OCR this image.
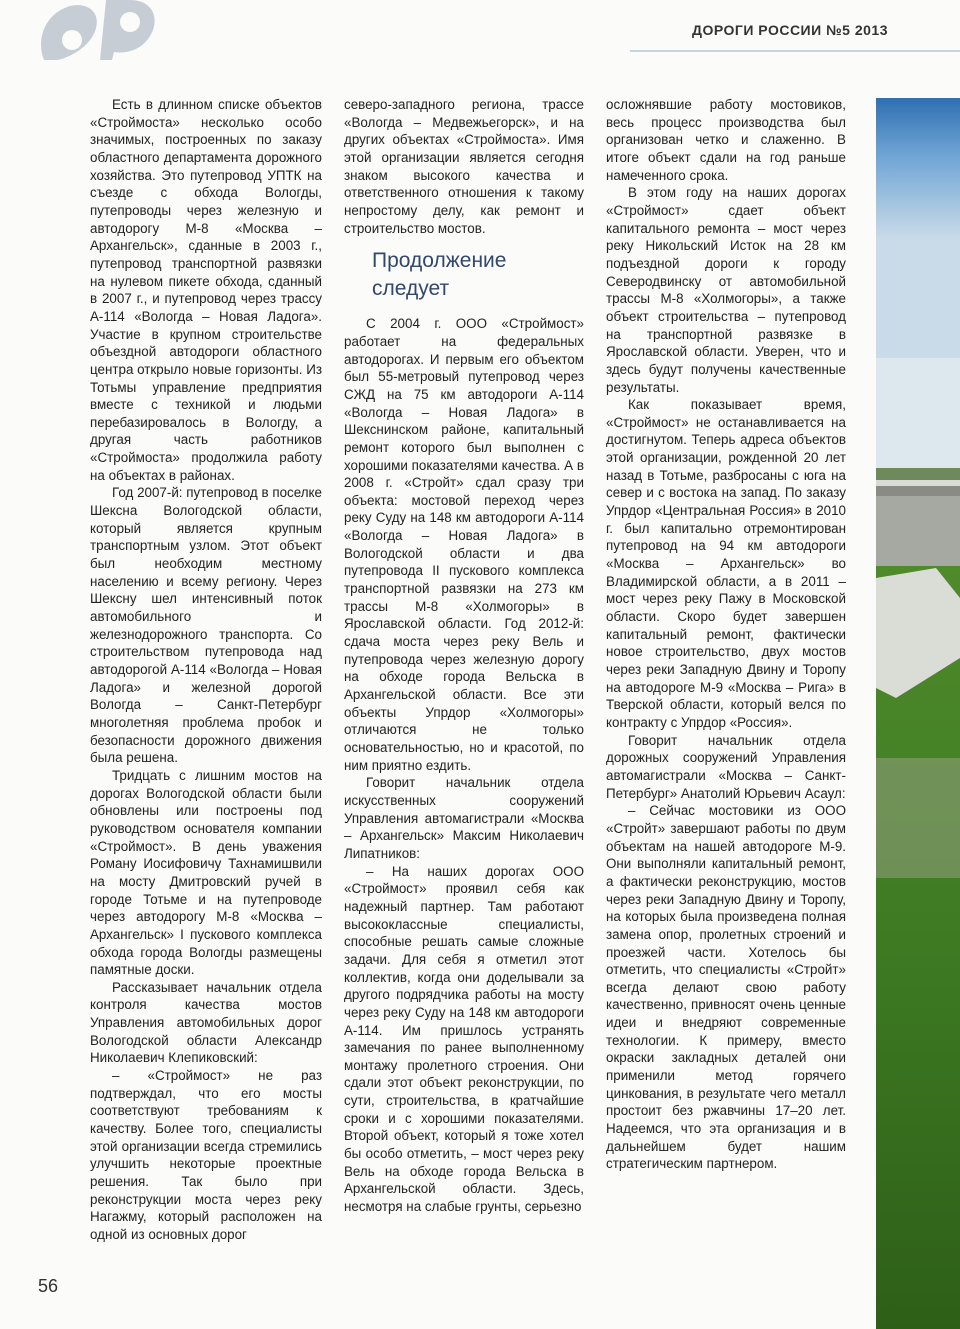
ДОРОГИ РОССИИ №5 2013

Есть в длинном списке объектов «Строймоста» несколько особо значимых, построенных по заказу областного департамента дорожного хозяйства. Это путепровод УПТК на съезде с обхода Вологды, путепроводы через железную и автодорогу М-8 «Москва – Архангельск», сданные в 2003 г., путепровод транспортной развязки на нулевом пикете обхода, сданный в 2007 г., и путепровод через трассу А-114 «Вологда – Новая Ладога». Участие в крупном строительстве объездной автодороги областного центра открыло новые горизонты. Из Тотьмы управление предприятия вместе с техникой и людьми перебазировалось в Вологду, а другая часть работников «Строймоста» продолжила работу на объектах в районах.

Год 2007-й: путепровод в поселке Шексна Вологодской области, который является крупным транспортным узлом. Этот объект был необходим местному населению и всему региону. Через Шексну шел интенсивный поток автомобильного и железнодорожного транспорта. Со строительством путепровода над автодорогой А-114 «Вологда – Новая Ладога» и железной дорогой Вологда – Санкт-Петербург многолетняя проблема пробок и безопасности дорожного движения была решена.

Тридцать с лишним мостов на дорогах Вологодской области были обновлены или построены под руководством основателя компании «Строймост». В день уважения Роману Иосифовичу Тахнамишвили на мосту Дмитровский ручей в городе Тотьме и на путепроводе через автодорогу М-8 «Москва – Архангельск» I пускового комплекса обхода города Вологды размещены памятные доски.

Рассказывает начальник отдела контроля качества мостов Управления автомобильных дорог Вологодской области Александр Николаевич Клепиковский:

– «Строймост» не раз подтверждал, что его мосты соответствуют требованиям к качеству. Более того, специалисты этой организации всегда стремились улучшить некоторые проектные решения. Так было при реконструкции моста через реку Нагажму, который расположен на одной из основных дорог

северо-западного региона, трассе «Вологда – Медвежьегорск», и на других объектах «Строймоста». Имя этой организации является сегодня знаком высокого качества и ответственного отношения к такому непростому делу, как ремонт и строительство мостов.

Продолжение следует

С 2004 г. ООО «Строймост» работает на федеральных автодорогах. И первым его объектом был 55-метровый путепровод через СЖД на 75 км автодороги А-114 «Вологда – Новая Ладога» в Шекснинском районе, капитальный ремонт которого был выполнен с хорошими показателями качества. А в 2008 г. «Стройт» сдал сразу три объекта: мостовой переход через реку Суду на 148 км автодороги А-114 «Вологда – Новая Ладога» в Вологодской области и два путепровода II пускового комплекса транспортной развязки на 273 км трассы М-8 «Холмогоры» в Ярославской области. Год 2012-й: сдача моста через реку Вель и путепровода через железную дорогу на обходе города Вельска в Архангельской области. Все эти объекты Упрдор «Холмогоры» отличаются не только основательностью, но и красотой, по ним приятно ездить.

Говорит начальник отдела искусственных сооружений Управления автомагистрали «Москва – Архангельск» Максим Николаевич Липатников:

– На наших дорогах ООО «Строймост» проявил себя как надежный партнер. Там работают высококлассные специалисты, способные решать самые сложные задачи. Для себя я отметил этот коллектив, когда они доделывали за другого подрядчика работы на мосту через реку Суду на 148 км автодороги А-114. Им пришлось устранять замечания по ранее выполненному монтажу пролетного строения. Они сдали этот объект реконструкции, по сути, строительства, в кратчайшие сроки и с хорошими показателями. Второй объект, который я тоже хотел бы особо отметить, – мост через реку Вель на обходе города Вельска в Архангельской области. Здесь, несмотря на слабые грунты, серьезно

осложнявшие работу мостовиков, весь процесс производства был организован четко и слаженно. В итоге объект сдали на год раньше намеченного срока.

В этом году на наших дорогах «Строймост» сдает объект капитального ремонта – мост через реку Никольский Исток на 28 км подъездной дороги к городу Северодвинску от автомобильной трассы М-8 «Холмогоры», а также объект строительства – путепровод на транспортной развязке в Ярославской области. Уверен, что и здесь будут получены качественные результаты.

Как показывает время, «Строймост» не останавливается на достигнутом. Теперь адреса объектов этой организации, рожденной 20 лет назад в Тотьме, разбросаны с юга на север и с востока на запад. По заказу Упрдор «Центральная Россия» в 2010 г. был капитально отремонтирован путепровод на 94 км автодороги «Москва – Архангельск» во Владимирской области, а в 2011 – мост через реку Пажу в Московской области. Скоро будет завершен капитальный ремонт, фактически новое строительство, двух мостов через реки Западную Двину и Торопу на автодороге М-9 «Москва – Рига» в Тверской области, который велся по контракту с Упрдор «Россия».

Говорит начальник отдела дорожных сооружений Управления автомагистрали «Москва – Санкт-Петербург» Анатолий Юрьевич Асаул:

– Сейчас мостовики из ООО «Стройт» завершают работы по двум объектам на нашей автодороге М-9. Они выполняли капитальный ремонт, а фактически реконструкцию, мостов через реки Западную Двину и Торопу, на которых была произведена полная замена опор, пролетных строений и проезжей части. Хотелось бы отметить, что специалисты «Стройт» всегда делают свою работу качественно, привносят очень ценные идеи и внедряют современные технологии. К примеру, вместо окраски закладных деталей они применили метод горячего цинкования, в результате чего металл простоит без ржавчины 17–20 лет. Надеемся, что эта организация и в дальнейшем будет нашим стратегическим партнером.

56
